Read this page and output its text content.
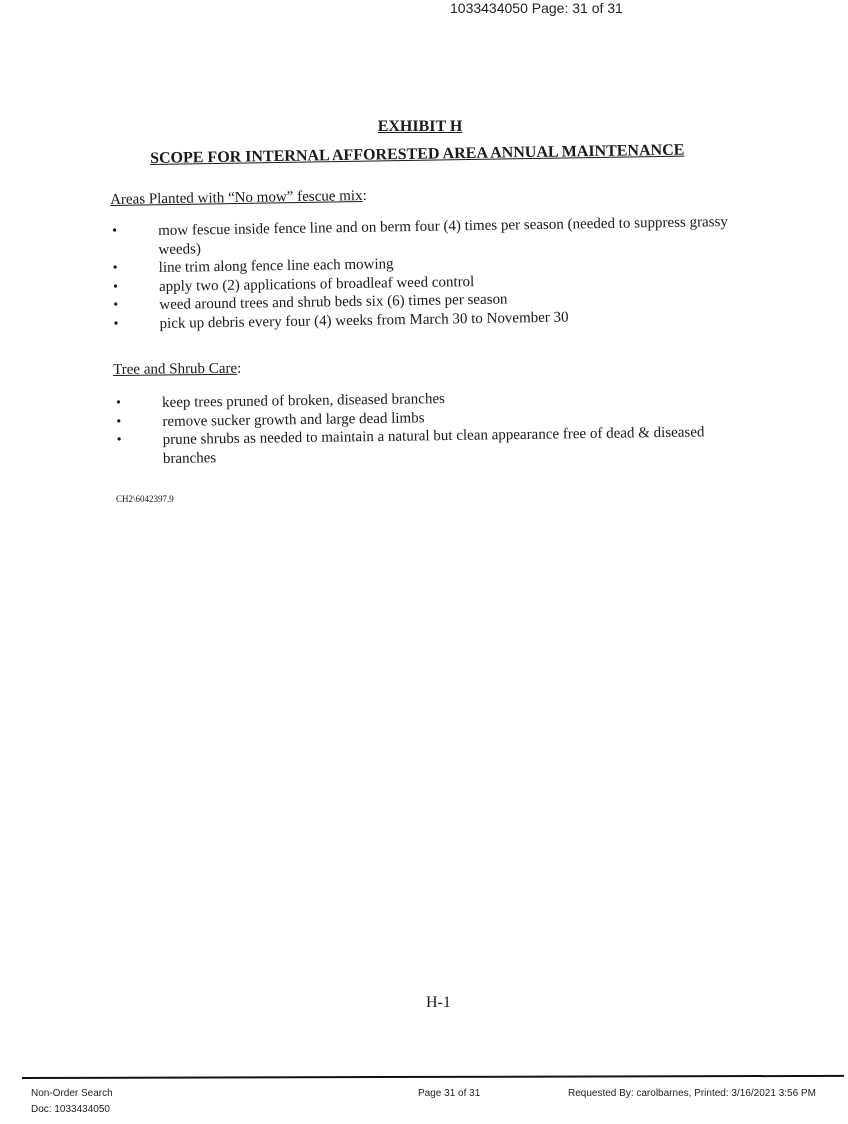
1033434050 Page: 31 of 31
EXHIBIT H
SCOPE FOR INTERNAL AFFORESTED AREA ANNUAL MAINTENANCE
Areas Planted with “No mow” fescue mix:
•	mow fescue inside fence line and on berm four (4) times per season (needed to suppress grassy weeds)
•	line trim along fence line each mowing
•	apply two (2) applications of broadleaf weed control
•	weed around trees and shrub beds six (6) times per season
•	pick up debris every four (4) weeks from March 30 to November 30
Tree and Shrub Care:
•	keep trees pruned of broken, diseased branches
•	remove sucker growth and large dead limbs
•	prune shrubs as needed to maintain a natural but clean appearance free of dead & diseased branches
CH2\6042397.9
H-1
Non-Order Search
Doc: 1033434050
Page 31 of 31	Requested By: carolbarnes, Printed: 3/16/2021 3:56 PM
